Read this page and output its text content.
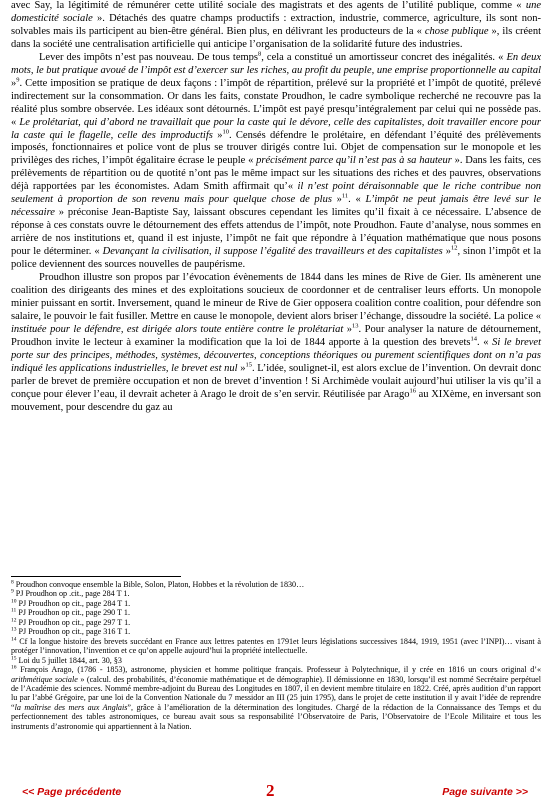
avec Say, la légitimité de rémunérer cette utilité sociale des magistrats et des agents de l’utilité publique, comme « une domesticité sociale ». Détachés des quatre champs productifs : extraction, industrie, commerce, agriculture, ils sont non-solvables mais ils participent au bien-être général. Bien plus, en délivrant les producteurs de la « chose publique », ils créent dans la société une centralisation artificielle qui anticipe l’organisation de la solidarité future des industries.

Lever des impôts n’est pas nouveau. De tous temps$^8$, cela a constitué un amortisseur concret des inégalités. « En deux mots, le but pratique avoué de l’impôt est d’exercer sur les riches, au profit du peuple, une emprise proportionnelle au capital »$^9$. Cette imposition se pratique de deux façons : l’impôt de répartition, prélevé sur la propriété et l’impôt de quotité, prélevé indirectement sur la consommation. Or dans les faits, constate Proudhon, le cadre symbolique recherché ne recouvre pas la réalité plus sombre observée. Les idéaux sont détournés. L’impôt est payé presqu’intégralement par celui qui ne possède pas. « Le prolétariat, qui d’abord ne travaillait que pour la caste qui le dévore, celle des capitalistes, doit travailler encore pour la caste qui le flagelle, celle des improductifs »$^{10}$. Censés défendre le prolétaire, en défendant l’équité des prélèvements imposés, fonctionnaires et police vont de plus se trouver dirigés contre lui. Objet de compensation sur le monopole et les privilèges des riches, l’impôt égalitaire écrase le peuple « précisément parce qu’il n’est pas à sa hauteur ». Dans les faits, ces prélèvements de répartition ou de quotité n’ont pas le même impact sur les situations des riches et des pauvres, observations déjà rapportées par les économistes. Adam Smith affirmait qu’« il n’est point déraisonnable que le riche contribue non seulement à proportion de son revenu mais pour quelque chose de plus »$^{11}$. « L’impôt ne peut jamais être levé sur le nécessaire » préconise Jean-Baptiste Say, laissant obscures cependant les limites qu’il fixait à ce nécessaire. L’absence de réponse à ces constats ouvre le détournement des effets attendus de l’impôt, note Proudhon. Faute d’analyse, nous sommes en arrière de nos institutions et, quand il est injuste, l’impôt ne fait que répondre à l’équation mathématique que nous posons pour le déterminer. « Devançant la civilisation, il suppose l’égalité des travailleurs et des capitalistes »$^{12}$, sinon l’impôt et la police deviennent des sources nouvelles de paupérisme.

Proudhon illustre son propos par l’évocation évènements de 1844 dans les mines de Rive de Gier. Ils amènerent une coalition des dirigeants des mines et des exploitations soucieux de coordonner et de centraliser leurs efforts. Un monopole minier puissant en sortit. Inversement, quand le mineur de Rive de Gier opposera coalition contre coalition, pour défendre son salaire, le pouvoir le fait fusiller. Mettre en cause le monopole, devient alors briser l’échange, dissoudre la société. La police « instituée pour le défendre, est dirigée alors toute entière contre le prolétariat »$^{13}$. Pour analyser la nature de détournement, Proudhon invite le lecteur à examiner la modification que la loi de 1844 apporte à la question des brevets$^{14}$. « Si le brevet porte sur des principes, méthodes, systèmes, découvertes, conceptions théoriques ou purement scientifiques dont on n’a pas indiqué les applications industrielles, le brevet est nul »$^{15}$. L’idée, soulignet-il, est alors exclue de l’invention. On devrait donc parler de brevet de première occupation et non de brevet d’invention ! Si Archimède voulait aujourd’hui utiliser la vis qu’il a conçue pour élever l’eau, il devrait acheter à Arago le droit de s’en servir. Réutilisée par Arago$^{16}$ au XIXème, en inversant son mouvement, pour descendre du gaz au

$^8$ Proudhon convoque ensemble la Bible, Solon, Platon, Hobbes et la révolution de 1830…

$^9$ PJ Proudhon op .cit., page 284 T 1.

$^{10}$ PJ Proudhon op cit., page 284 T 1.

$^{11}$ PJ Proudhon op cit., page 290 T 1.

$^{12}$ PJ Proudhon op cit., page 297 T 1.

$^{13}$ PJ Proudhon op cit., page 316 T 1.

$^{14}$ Cf la longue histoire des brevets succédant en France aux lettres patentes en 1791et leurs législations successives 1844, 1919, 1951 (avec l’INPI)… visant à protéger l’innovation, l’invention et ce qu’on appelle aujourd’hui la propriété intellectuelle.

$^{15}$ Loi du 5 juillet 1844, art. 30, §3

$^{16}$ François Arago, (1786 - 1853), astronome, physicien et homme politique français. Professeur à Polytechnique, il y crée en 1816 un cours original d’« arithmétique sociale » (calcul. des probabilités, d’économie mathématique et de démographie). Il démissionne en 1830, lorsqu’il est nommé Secrétaire perpétuel de l’Académie des sciences. Nommé membre-adjoint du Bureau des Longitudes en 1807, il en devient membre titulaire en 1822. Créé, après audition d’un rapport lu par l’abbé Grégoire, par une loi de la Convention Nationale du 7 messidor an III (25 juin 1795), dans le projet de cette institution il y avait l’idée de reprendre “la maîtrise des mers aux Anglais”, grâce à l’amélioration de la détermination des longitudes. Chargé de la rédaction de la Connaissance des Temps et du perfectionnement des tables astronomiques, ce bureau avait sous sa responsabilité l’Observatoire de Paris, l’Observatoire de l’Ecole Militaire et tous les instruments d’astronomie qui appartiennent à la Nation.

<< Page précédente	2	Page suivante >>
